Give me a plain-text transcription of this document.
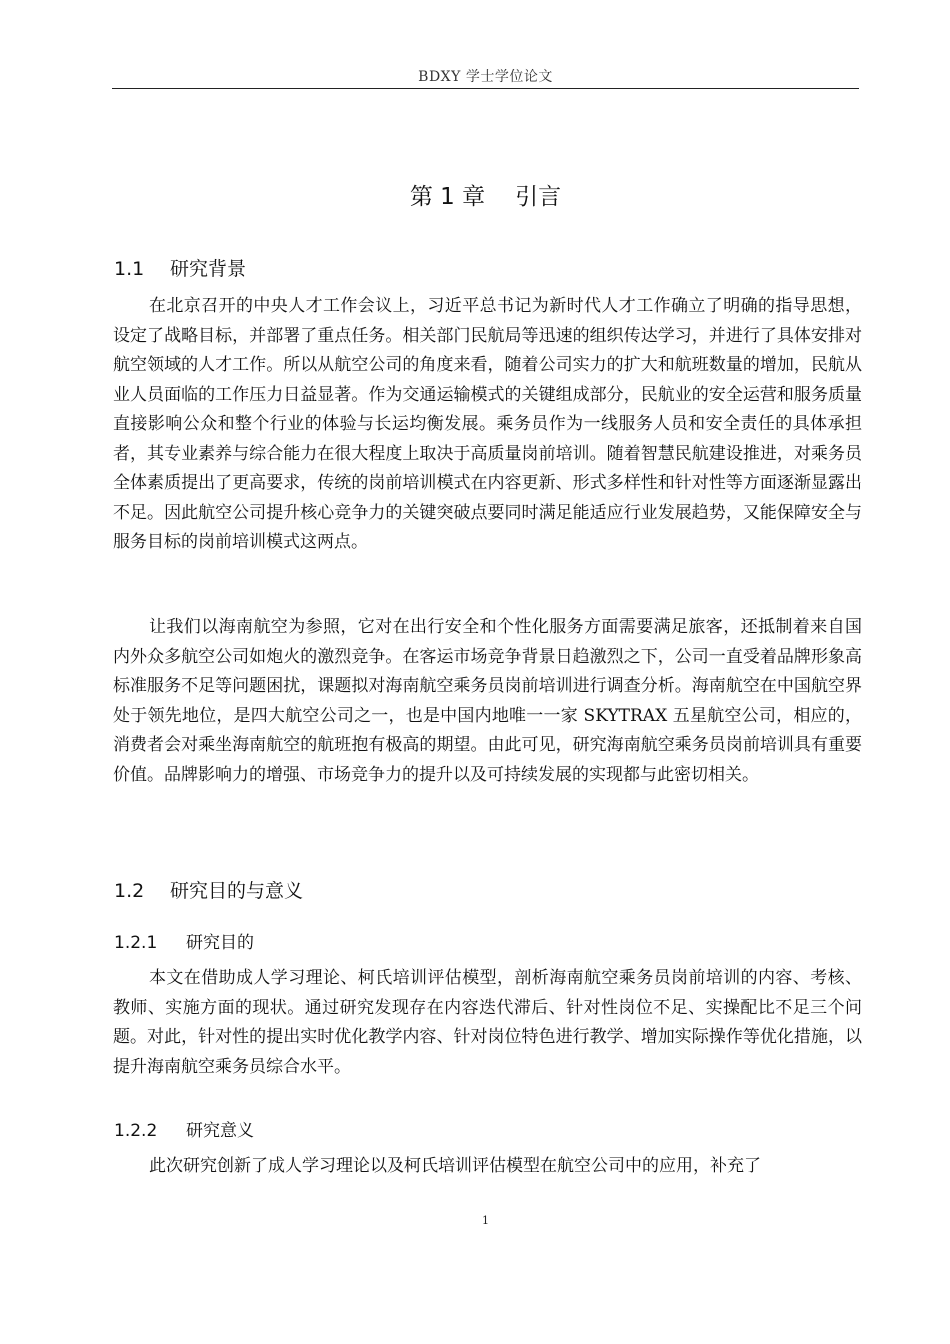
BDXY 学士学位论文
第 1 章 引言
1.1 研究背景

在北京召开的中央人才工作会议上，习近平总书记为新时代人才工作确立了明确的指导思想，设定了战略目标，并部署了重点任务。相关部门民航局等迅速的组织传达学习，并进行了具体安排对航空领域的人才工作。所以从航空公司的角度来看，随着公司实力的扩大和航班数量的增加，民航从业人员面临的工作压力日益显著。作为交通运输模式的关键组成部分，民航业的安全运营和服务质量直接影响公众和整个行业的体验与长运均衡发展。乘务员作为一线服务人员和安全责任的具体承担者，其专业素养与综合能力在很大程度上取决于高质量岗前培训。随着智慧民航建设推进，对乘务员全体素质提出了更高要求，传统的岗前培训模式在内容更新、形式多样性和针对性等方面逐渐显露出不足。因此航空公司提升核心竞争力的关键突破点要同时满足能适应行业发展趋势，又能保障安全与服务目标的岗前培训模式这两点。

让我们以海南航空为参照，它对在出行安全和个性化服务方面需要满足旅客，还抵制着来自国内外众多航空公司如炮火的激烈竞争。在客运市场竞争背景日趋激烈之下，公司一直受着品牌形象高标准服务不足等问题困扰，课题拟对海南航空乘务员岗前培训进行调查分析。海南航空在中国航空界处于领先地位，是四大航空公司之一，也是中国内地唯一一家 SKYTRAX 五星航空公司，相应的，消费者会对乘坐海南航空的航班抱有极高的期望。由此可见，研究海南航空乘务员岗前培训具有重要价值。品牌影响力的增强、市场竞争力的提升以及可持续发展的实现都与此密切相关。

1.2 研究目的与意义
1.2.1 研究目的

本文在借助成人学习理论、柯氏培训评估模型，剖析海南航空乘务员岗前培训的内容、考核、教师、实施方面的现状。通过研究发现存在内容迭代滞后、针对性岗位不足、实操配比不足三个问题。对此，针对性的提出实时优化教学内容、针对岗位特色进行教学、增加实际操作等优化措施，以提升海南航空乘务员综合水平。

1.2.2 研究意义

此次研究创新了成人学习理论以及柯氏培训评估模型在航空公司中的应用，补充了

1
